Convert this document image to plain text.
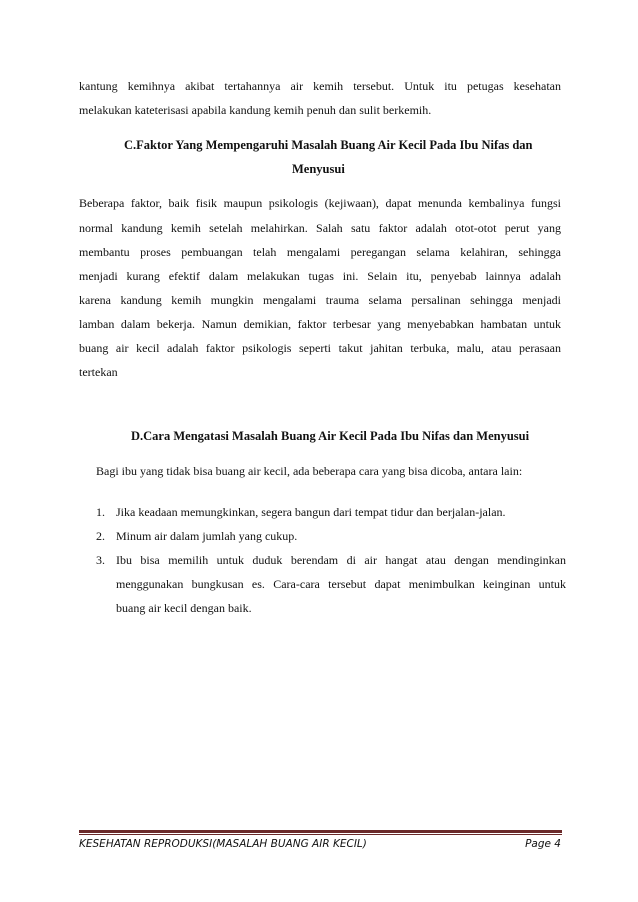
kantung kemihnya akibat tertahannya air kemih tersebut. Untuk itu petugas kesehatan

melakukan kateterisasi apabila kandung kemih penuh dan sulit berkemih.

C.Faktor Yang Mempengaruhi Masalah Buang Air Kecil Pada Ibu Nifas dan

Menyusui

Beberapa faktor, baik fisik maupun psikologis (kejiwaan), dapat menunda kembalinya fungsi

normal kandung kemih setelah melahirkan. Salah satu faktor adalah otot-otot perut yang

membantu proses pembuangan telah mengalami peregangan selama kelahiran, sehingga

menjadi kurang efektif dalam melakukan tugas ini. Selain itu, penyebab lainnya adalah

karena kandung kemih mungkin mengalami trauma selama persalinan sehingga menjadi

lamban dalam bekerja. Namun demikian, faktor terbesar yang menyebabkan hambatan untuk

buang air kecil adalah faktor psikologis seperti takut jahitan terbuka, malu, atau perasaan

tertekan

D.Cara Mengatasi Masalah Buang Air Kecil Pada Ibu Nifas dan Menyusui

Bagi ibu yang tidak bisa buang air kecil, ada beberapa cara yang bisa dicoba, antara lain:

1. Jika keadaan memungkinkan, segera bangun dari tempat tidur dan berjalan-jalan.
2. Minum air dalam jumlah yang cukup.
3. Ibu bisa memilih untuk duduk berendam di air hangat atau dengan mendinginkan
menggunakan bungkusan es. Cara-cara tersebut dapat menimbulkan keinginan untuk
buang air kecil dengan baik.
KESEHATAN REPRODUKSI(MASALAH BUANG AIR KECIL)	Page 4
